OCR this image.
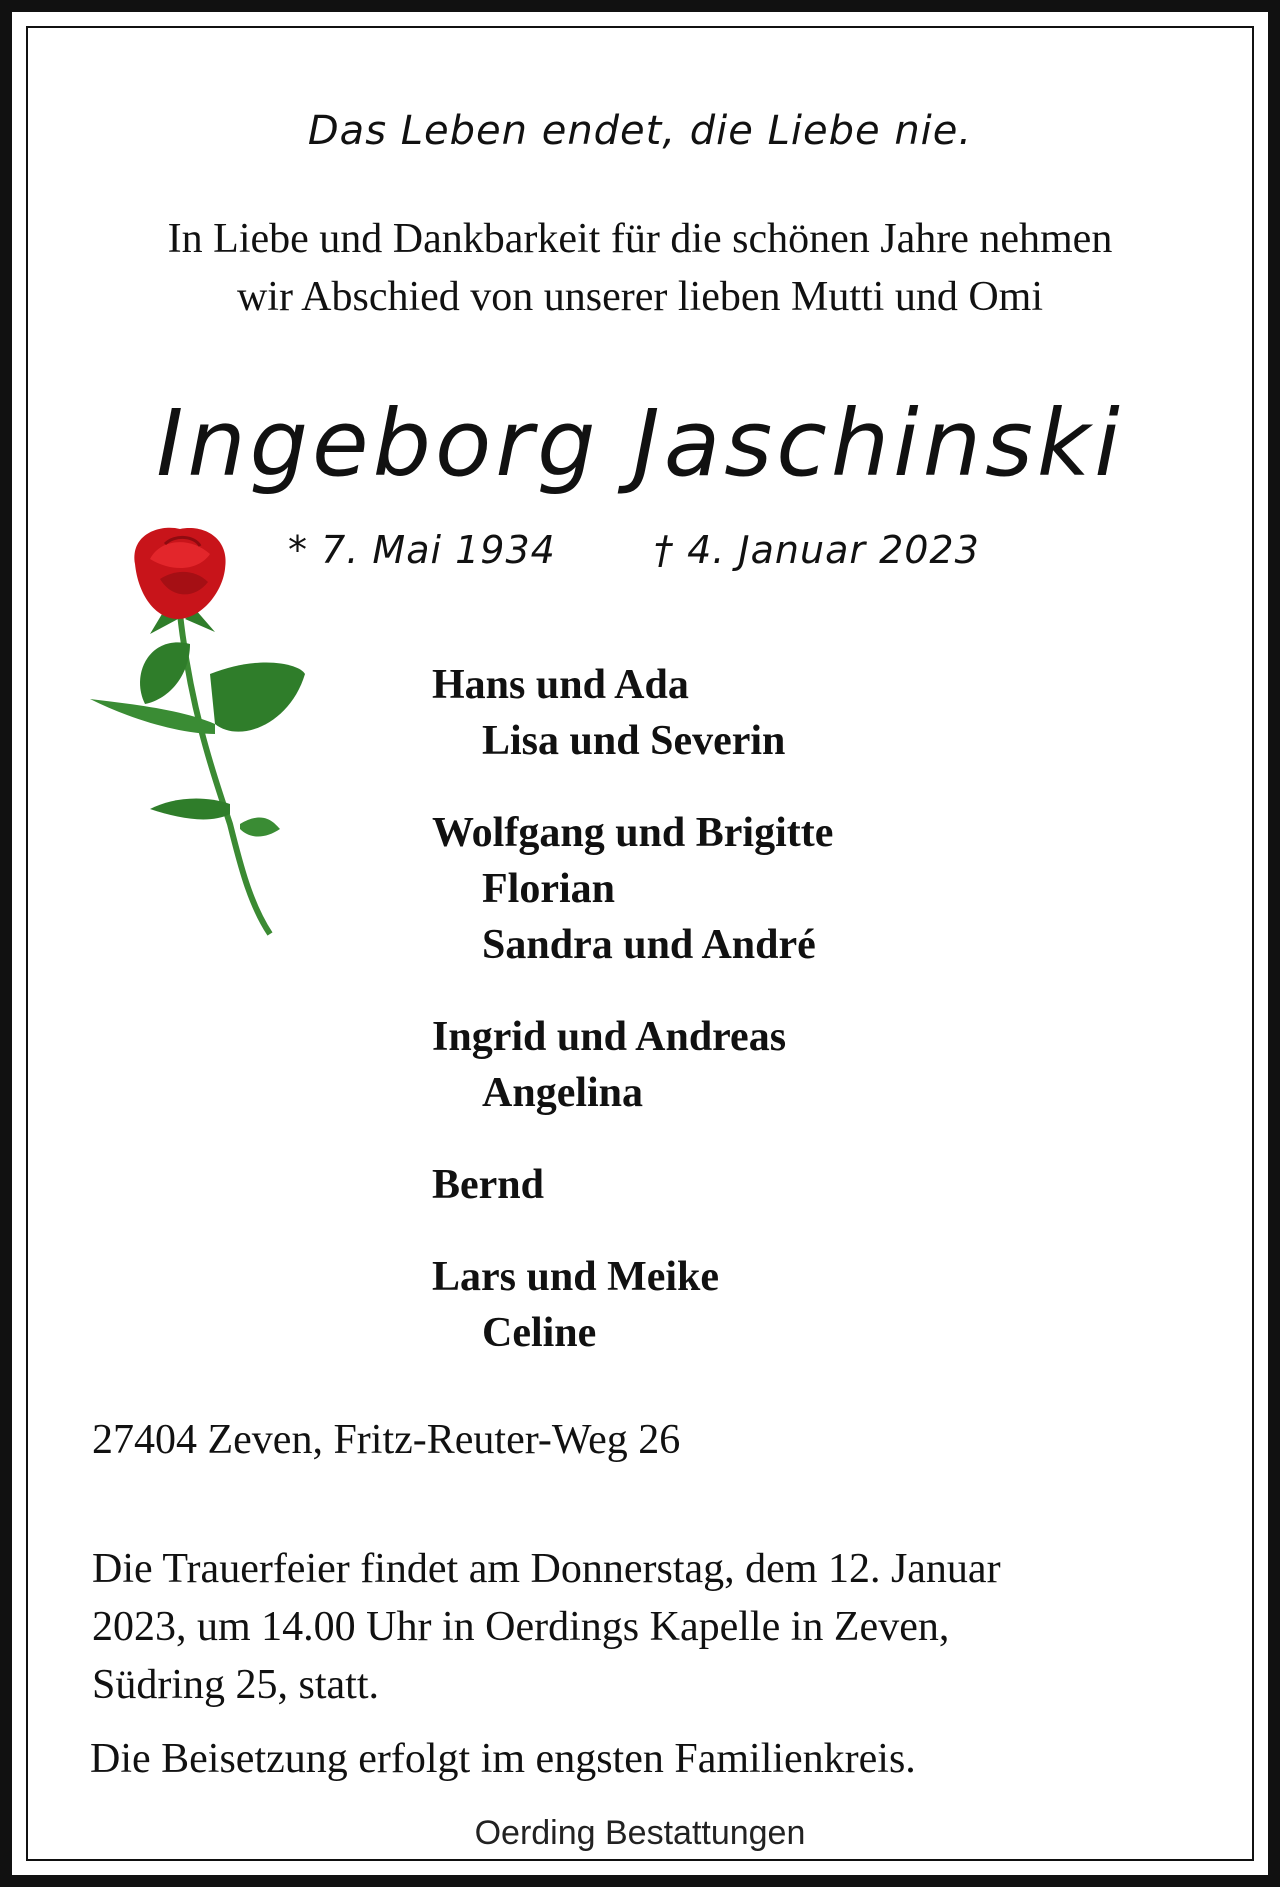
Das Leben endet, die Liebe nie.
In Liebe und Dankbarkeit für die schönen Jahre nehmen
wir Abschied von unserer lieben Mutti und Omi
Ingeborg Jaschinski
* 7. Mai 1934	† 4. Januar 2023
Hans und Ada
Lisa und Severin
Wolfgang und Brigitte
Florian
Sandra und André
Ingrid und Andreas
Angelina
Bernd
Lars und Meike
Celine
27404 Zeven, Fritz-Reuter-Weg 26
Die Trauerfeier findet am Donnerstag, dem 12. Januar
2023, um 14.00 Uhr in Oerdings Kapelle in Zeven,
Südring 25, statt.
Die Beisetzung erfolgt im engsten Familienkreis.
Oerding Bestattungen
